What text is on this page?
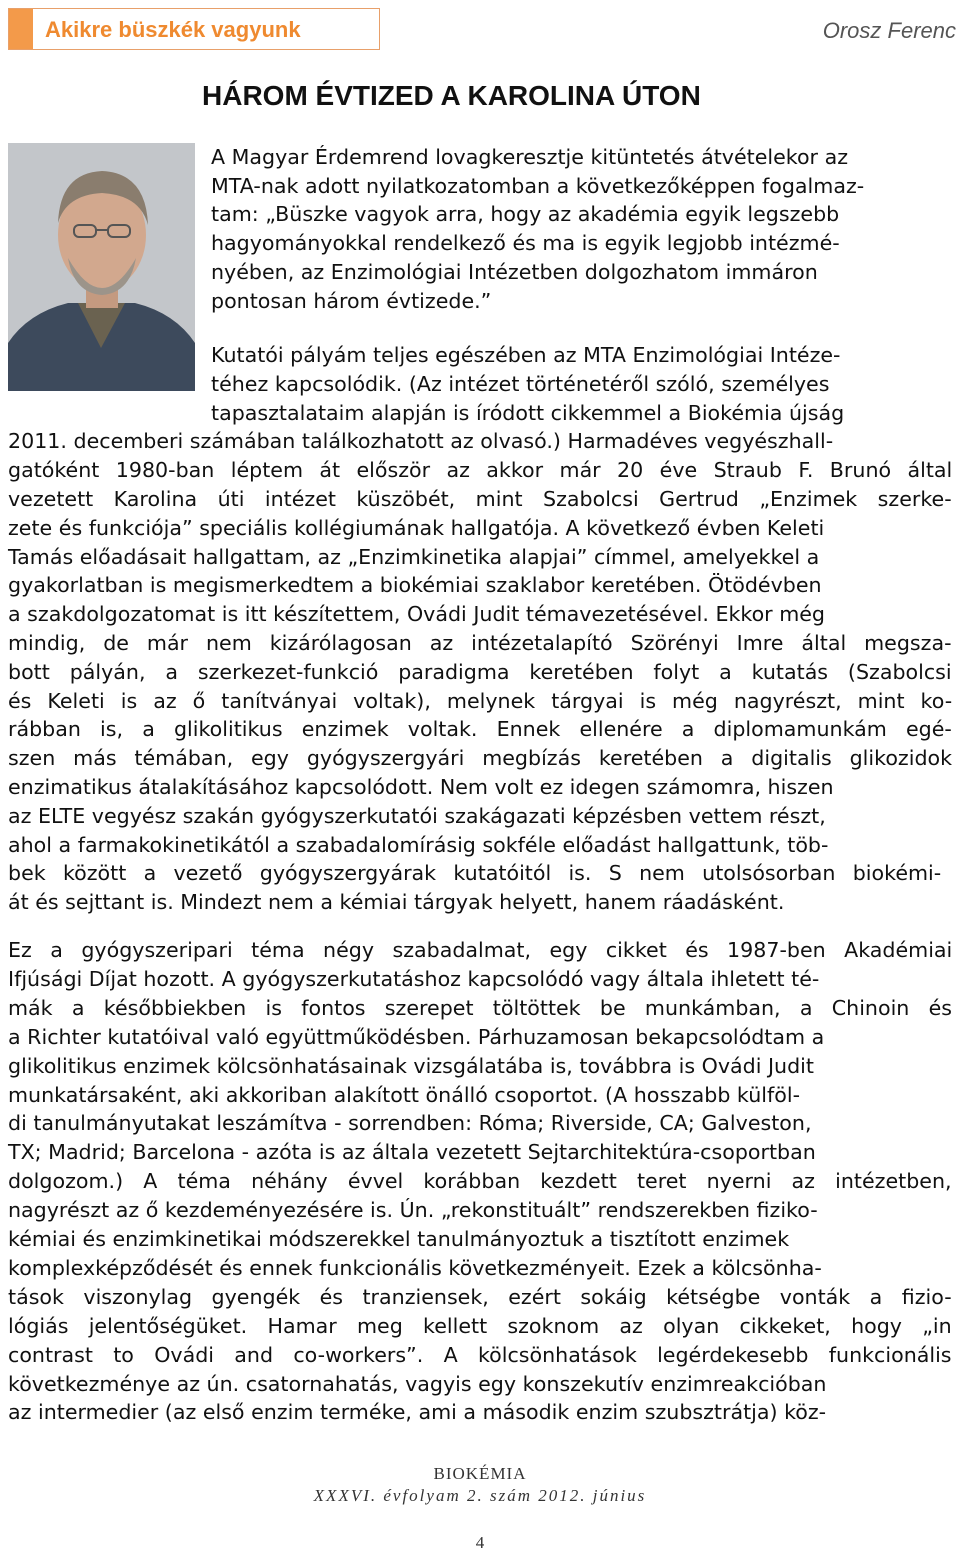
Akikre büszkék vagyunk	Orosz Ferenc
HÁROM ÉVTIZED A KAROLINA ÚTON
A Magyar Érdemrend lovagkeresztje kitüntetés átvételekor az
MTA-nak adott nyilatkozatomban a következőképpen fogalmaz-
tam: „Büszke vagyok arra, hogy az akadémia egyik legszebb
hagyományokkal rendelkező és ma is egyik legjobb intézmé-
nyében, az Enzimológiai Intézetben dolgozhatom immáron
pontosan három évtizede.”
Kutatói pályám teljes egészében az MTA Enzimológiai Intéze-
téhez kapcsolódik. (Az intézet történetéről szóló, személyes
tapasztalataim alapján is íródott cikkemmel a Biokémia újság
2011. decemberi számában találkozhatott az olvasó.) Harmadéves vegyészhall-
gatóként 1980-ban léptem át először az akkor már 20 éve Straub F. Brunó által
vezetett Karolina úti intézet küszöbét, mint Szabolcsi Gertrud „Enzimek szerke-
zete és funkciója” speciális kollégiumának hallgatója. A következő évben Keleti
Tamás előadásait hallgattam, az „Enzimkinetika alapjai” címmel, amelyekkel a
gyakorlatban is megismerkedtem a biokémiai szaklabor keretében. Ötödévben
a szakdolgozatomat is itt készítettem, Ovádi Judit témavezetésével. Ekkor még
mindig, de már nem kizárólagosan az intézetalapító Szörényi Imre által megsza-
bott pályán, a szerkezet-funkció paradigma keretében folyt a kutatás (Szabolcsi
és Keleti is az ő tanítványai voltak), melynek tárgyai is még nagyrészt, mint ko-
rábban is, a glikolitikus enzimek voltak. Ennek ellenére a diplomamunkám egé-
szen más témában, egy gyógyszergyári megbízás keretében a digitalis glikozidok
enzimatikus átalakításához kapcsolódott. Nem volt ez idegen számomra, hiszen
az ELTE vegyész szakán gyógyszerkutatói szakágazati képzésben vettem részt,
ahol a farmakokinetikától a szabadalomírásig sokféle előadást hallgattunk, töb-
bek között a vezető gyógyszergyárak kutatóitól is. S nem utolsósorban biokémi-
át és sejttant is. Mindezt nem a kémiai tárgyak helyett, hanem ráadásként.
Ez a gyógyszeripari téma négy szabadalmat, egy cikket és 1987-ben Akadémiai
Ifjúsági Díjat hozott. A gyógyszerkutatáshoz kapcsolódó vagy általa ihletett té-
mák a későbbiekben is fontos szerepet töltöttek be munkámban, a Chinoin és
a Richter kutatóival való együttműködésben. Párhuzamosan bekapcsolódtam a
glikolitikus enzimek kölcsönhatásainak vizsgálatába is, továbbra is Ovádi Judit
munkatársaként, aki akkoriban alakított önálló csoportot. (A hosszabb külföl-
di tanulmányutakat leszámítva - sorrendben: Róma; Riverside, CA; Galveston,
TX; Madrid; Barcelona - azóta is az általa vezetett Sejtarchitektúra-csoportban
dolgozom.) A téma néhány évvel korábban kezdett teret nyerni az intézetben,
nagyrészt az ő kezdeményezésére is. Ún. „rekonstituált” rendszerekben fiziko-
kémiai és enzimkinetikai módszerekkel tanulmányoztuk a tisztított enzimek
komplexképződését és ennek funkcionális következményeit. Ezek a kölcsönha-
tások viszonylag gyengék és tranziensek, ezért sokáig kétségbe vonták a fizio-
lógiás jelentőségüket. Hamar meg kellett szoknom az olyan cikkeket, hogy „in
contrast to Ovádi and co-workers”. A kölcsönhatások legérdekesebb funkcionális
következménye az ún. csatornahatás, vagyis egy konszekutív enzimreakcióban
az intermedier (az első enzim terméke, ami a második enzim szubsztrátja) köz-
BIOKÉMIA
XXXVI. évfolyam 2. szám 2012. június
4
